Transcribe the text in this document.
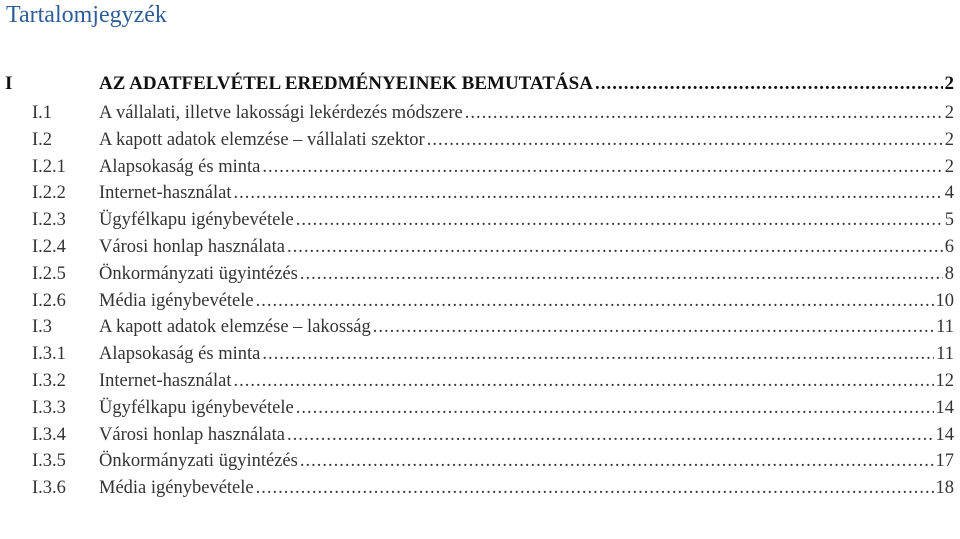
Tartalomjegyzék
I	AZ ADATFELVÉTEL EREDMÉNYEINEK BEMUTATÁSA .....	2
I.1	A vállalati, illetve lakossági lekérdezés módszere .....	2
I.2	A kapott adatok elemzése – vállalati szektor .....	2
I.2.1 Alapsokaság és minta .....	2
I.2.2 Internet-használat .....	4
I.2.3 Ügyfélkapu igénybevétele .....	5
I.2.4 Városi honlap használata .....	6
I.2.5 Önkormányzati ügyintézés .....	8
I.2.6 Média igénybevétele .....	10
I.3	A kapott adatok elemzése – lakosság .....	11
I.3.1 Alapsokaság és minta .....	11
I.3.2 Internet-használat .....	12
I.3.3 Ügyfélkapu igénybevétele .....	14
I.3.4 Városi honlap használata .....	14
I.3.5 Önkormányzati ügyintézés .....	17
I.3.6 Média igénybevétele .....	18
